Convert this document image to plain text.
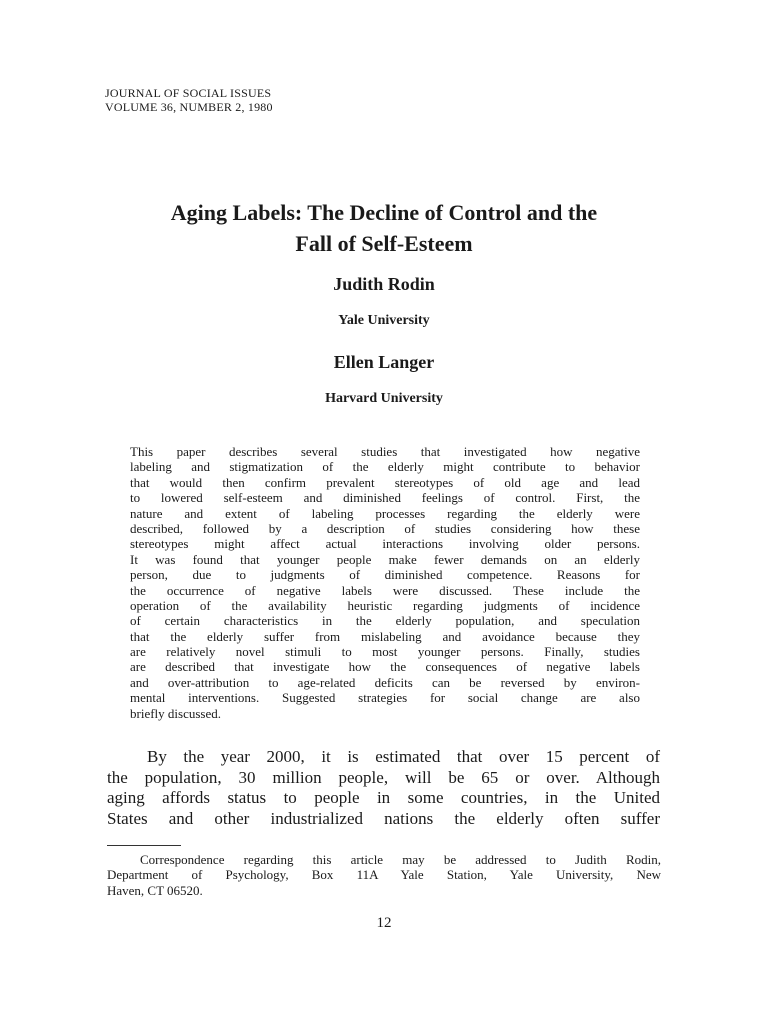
JOURNAL OF SOCIAL ISSUES
VOLUME 36, NUMBER 2, 1980
Aging Labels: The Decline of Control and the
Fall of Self-Esteem
Judith Rodin
Yale University
Ellen Langer
Harvard University
This paper describes several studies that investigated how negative
labeling and stigmatization of the elderly might contribute to behavior
that would then confirm prevalent stereotypes of old age and lead
to lowered self-esteem and diminished feelings of control. First, the
nature and extent of labeling processes regarding the elderly were
described, followed by a description of studies considering how these
stereotypes might affect actual interactions involving older persons.
It was found that younger people make fewer demands on an elderly
person, due to judgments of diminished competence. Reasons for
the occurrence of negative labels were discussed. These include the
operation of the availability heuristic regarding judgments of incidence
of certain characteristics in the elderly population, and speculation
that the elderly suffer from mislabeling and avoidance because they
are relatively novel stimuli to most younger persons. Finally, studies
are described that investigate how the consequences of negative labels
and over-attribution to age-related deficits can be reversed by environ-
mental interventions. Suggested strategies for social change are also
briefly discussed.
By the year 2000, it is estimated that over 15 percent of
the population, 30 million people, will be 65 or over. Although
aging affords status to people in some countries, in the United
States and other industrialized nations the elderly often suffer
Correspondence regarding this article may be addressed to Judith Rodin,
Department of Psychology, Box 11A Yale Station, Yale University, New
Haven, CT 06520.
12
